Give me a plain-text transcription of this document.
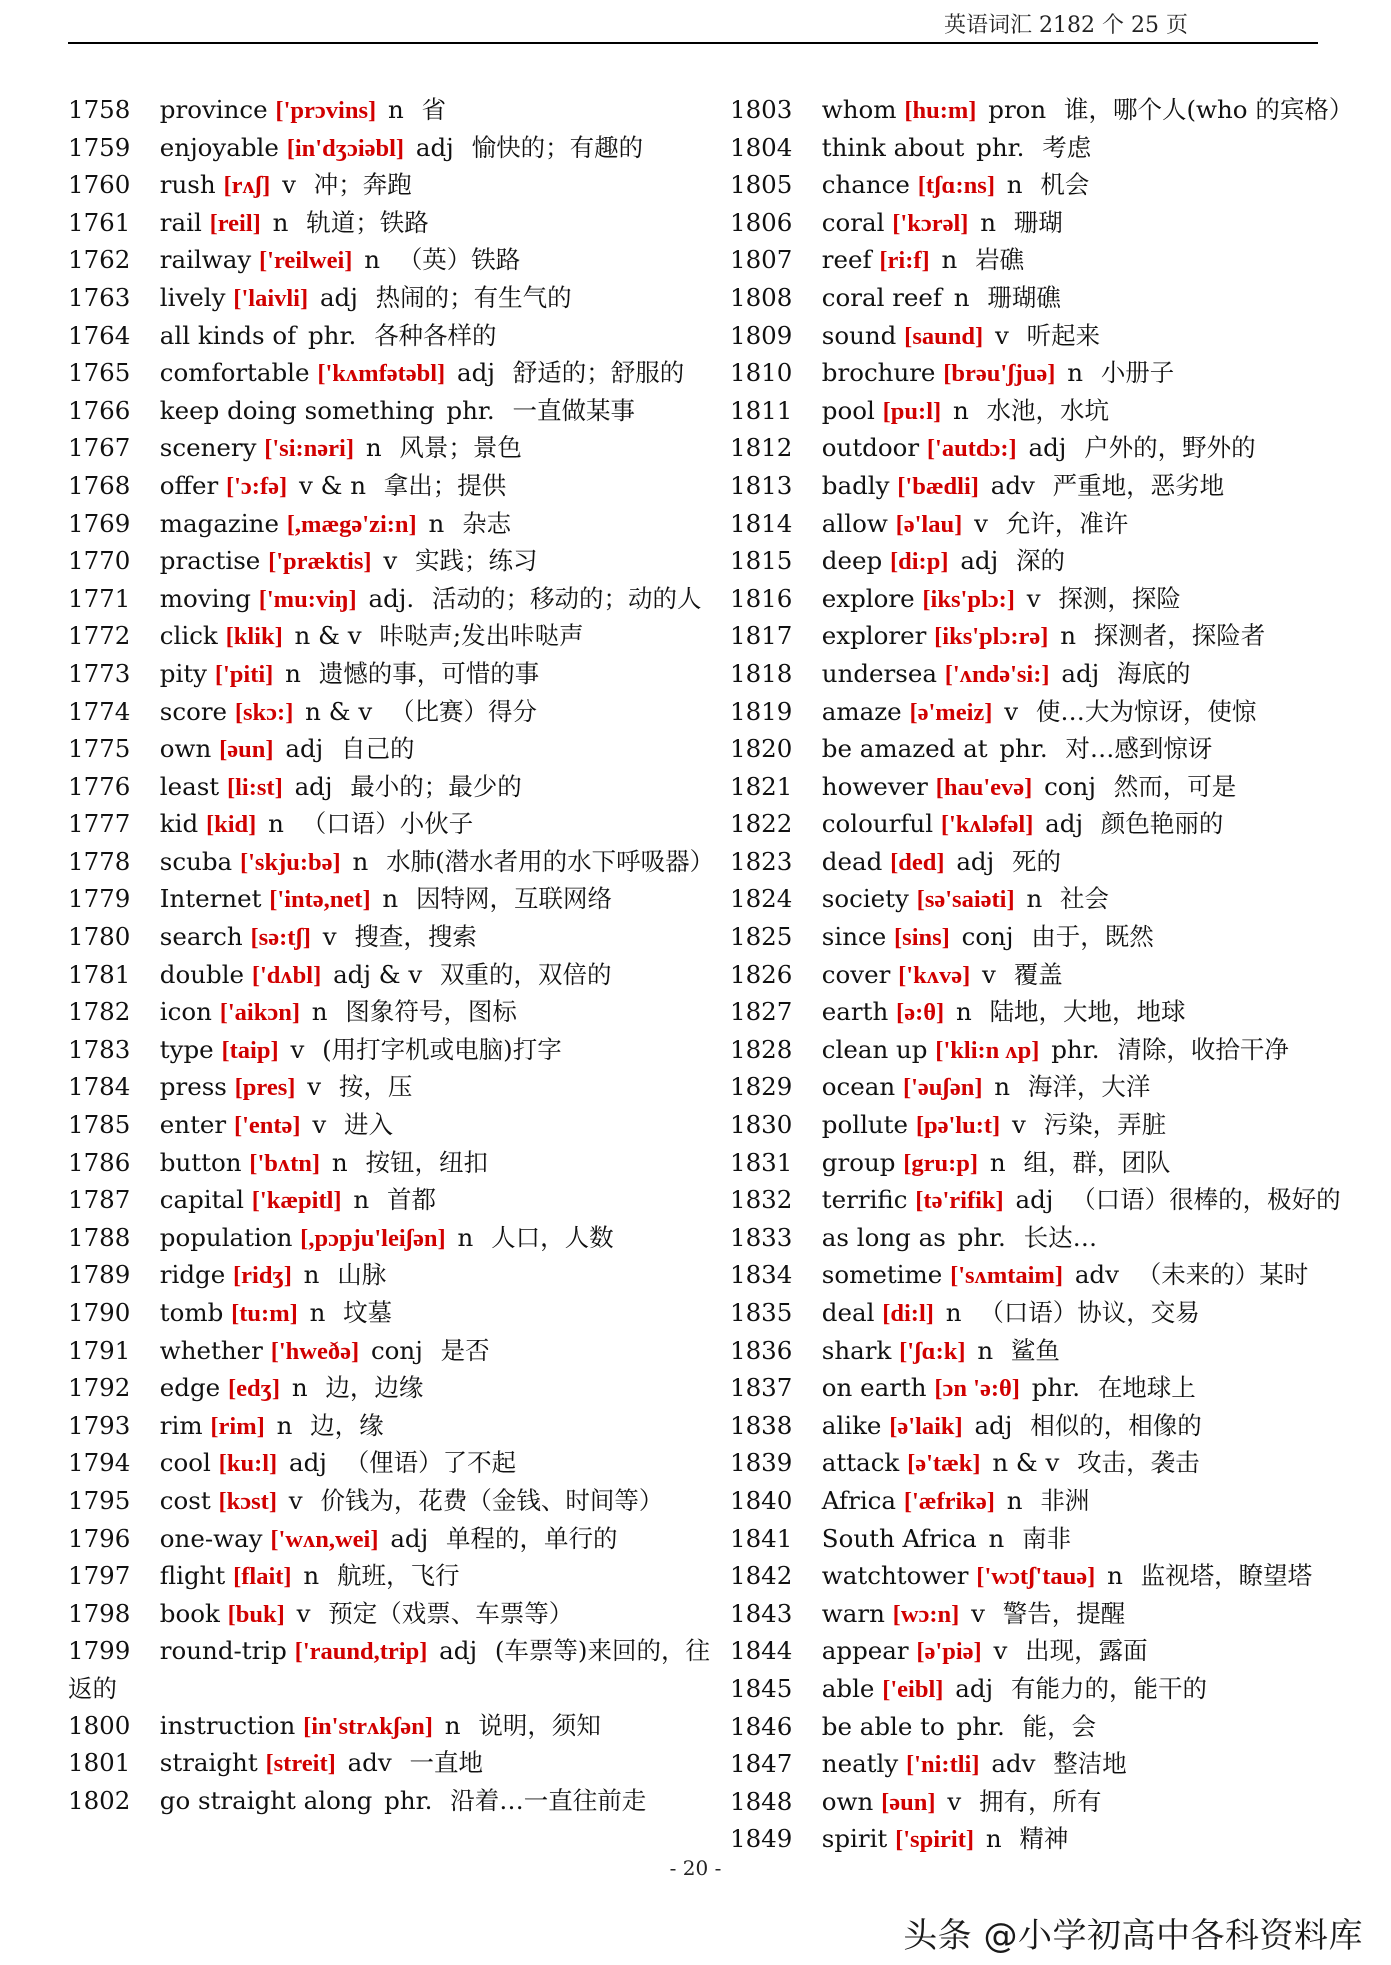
英语词汇 2182 个 25 页
1758 province ['prɔvins] n 省
1759 enjoyable [in'dʒɔiəbl] adj 愉快的；有趣的
1760 rush [rʌʃ] v 冲；奔跑
1761 rail [reil] n 轨道；铁路
1762 railway ['reilwei] n （英）铁路
1763 lively ['laivli] adj 热闹的；有生气的
1764 all kinds of phr. 各种各样的
1765 comfortable ['kʌmfətəbl] adj 舒适的；舒服的
1766 keep doing something phr. 一直做某事
1767 scenery ['si:nəri] n 风景；景色
1768 offer ['ɔ:fə] v & n 拿出；提供
1769 magazine [,mægə'zi:n] n 杂志
1770 practise ['præktis] v 实践；练习
1771 moving ['mu:viŋ] adj. 活动的；移动的；动的人
1772 click [klik] n & v 咔哒声;发出咔哒声
1773 pity ['piti] n 遗憾的事，可惜的事
1774 score [skɔ:] n & v （比赛）得分
1775 own [əun] adj 自己的
1776 least [li:st] adj 最小的；最少的
1777 kid [kid] n （口语）小伙子
1778 scuba ['skju:bə] n 水肺(潜水者用的水下呼吸器）
1779 Internet ['intə,net] n 因特网，互联网络
1780 search [sə:tʃ] v 搜查，搜索
1781 double ['dʌbl] adj & v 双重的，双倍的
1782 icon ['aikɔn] n 图象符号，图标
1783 type [taip] v (用打字机或电脑)打字
1784 press [pres] v 按，压
1785 enter ['entə] v 进入
1786 button ['bʌtn] n 按钮，纽扣
1787 capital ['kæpitl] n 首都
1788 population [,pɔpju'leiʃən] n 人口，人数
1789 ridge [ridʒ] n 山脉
1790 tomb [tu:m] n 坟墓
1791 whether ['hweðə] conj 是否
1792 edge [edʒ] n 边，边缘
1793 rim [rim] n 边，缘
1794 cool [ku:l] adj （俚语）了不起
1795 cost [kɔst] v 价钱为，花费（金钱、时间等）
1796 one-way ['wʌn,wei] adj 单程的，单行的
1797 flight [flait] n 航班，飞行
1798 book [buk] v 预定（戏票、车票等）
1799 round-trip ['raund,trip] adj (车票等)来回的，往返的
1800 instruction [in'strʌkʃən] n 说明，须知
1801 straight [streit] adv 一直地
1802 go straight along phr. 沿着…一直往前走
1803 whom [hu:m] pron 谁，哪个人(who 的宾格）
1804 think about phr. 考虑
1805 chance [tʃɑ:ns] n 机会
1806 coral ['kɔrəl] n 珊瑚
1807 reef [ri:f] n 岩礁
1808 coral reef n 珊瑚礁
1809 sound [saund] v 听起来
1810 brochure [brəu'ʃjuə] n 小册子
1811 pool [pu:l] n 水池，水坑
1812 outdoor ['autdɔ:] adj 户外的，野外的
1813 badly ['bædli] adv 严重地，恶劣地
1814 allow [ə'lau] v 允许，准许
1815 deep [di:p] adj 深的
1816 explore [iks'plɔ:] v 探测，探险
1817 explorer [iks'plɔ:rə] n 探测者，探险者
1818 undersea ['ʌndə'si:] adj 海底的
1819 amaze [ə'meiz] v 使…大为惊讶，使惊
1820 be amazed at phr. 对…感到惊讶
1821 however [hau'evə] conj 然而，可是
1822 colourful ['kʌləfəl] adj 颜色艳丽的
1823 dead [ded] adj 死的
1824 society [sə'saiəti] n 社会
1825 since [sins] conj 由于，既然
1826 cover ['kʌvə] v 覆盖
1827 earth [ə:θ] n 陆地，大地，地球
1828 clean up ['kli:n ʌp] phr. 清除，收拾干净
1829 ocean ['əuʃən] n 海洋，大洋
1830 pollute [pə'lu:t] v 污染，弄脏
1831 group [gru:p] n 组，群，团队
1832 terrific [tə'rifik] adj （口语）很棒的，极好的
1833 as long as phr. 长达…
1834 sometime ['sʌmtaim] adv （未来的）某时
1835 deal [di:l] n （口语）协议，交易
1836 shark ['ʃɑ:k] n 鲨鱼
1837 on earth [ɔn 'ə:θ] phr. 在地球上
1838 alike [ə'laik] adj 相似的，相像的
1839 attack [ə'tæk] n & v 攻击，袭击
1840 Africa ['æfrikə] n 非洲
1841 South Africa n 南非
1842 watchtower ['wɔtʃ'tauə] n 监视塔，瞭望塔
1843 warn [wɔ:n] v 警告，提醒
1844 appear [ə'piə] v 出现，露面
1845 able ['eibl] adj 有能力的，能干的
1846 be able to phr. 能，会
1847 neatly ['ni:tli] adv 整洁地
1848 own [əun] v 拥有，所有
1849 spirit ['spirit] n 精神
- 20 -
头条 @小学初高中各科资料库
